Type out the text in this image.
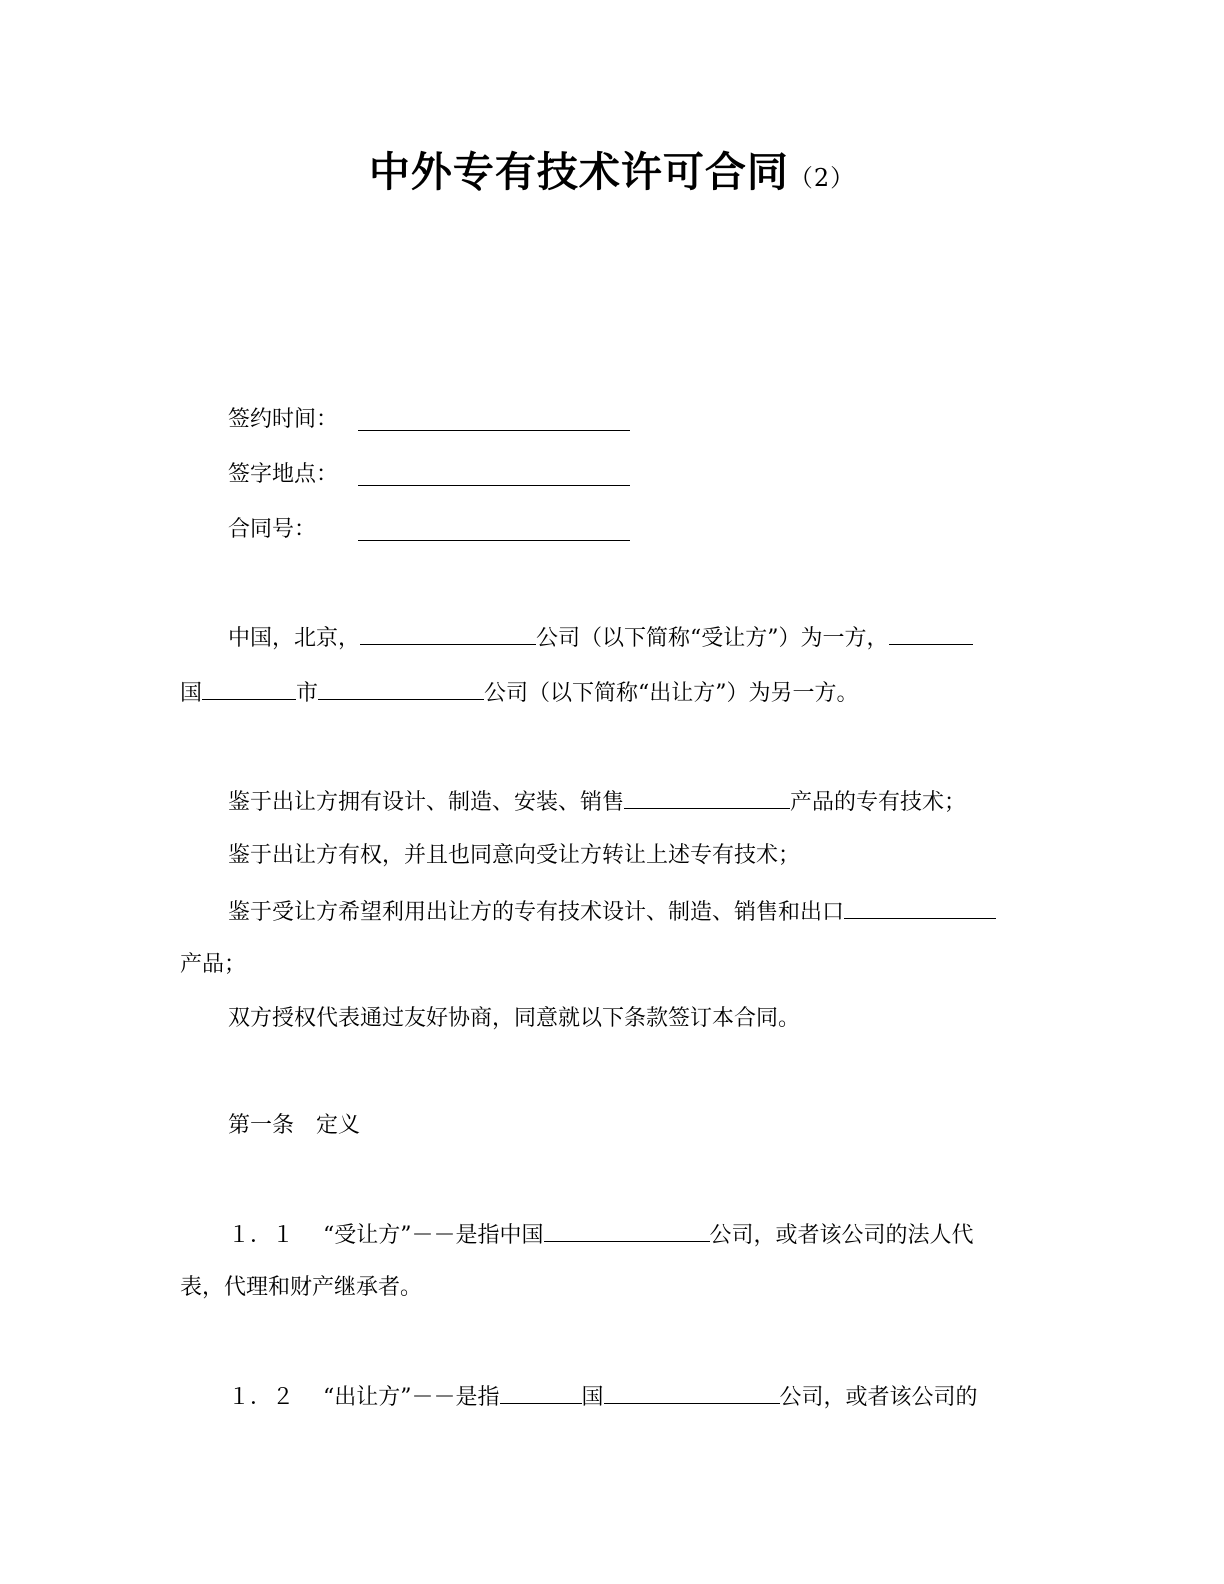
中外专有技术许可合同（2）
签约时间：
签字地点：
合同号：
中国，北京，	公司（以下简称“受让方”）为一方，
国	市	公司（以下简称“出让方”）为另一方。
鉴于出让方拥有设计、制造、安装、销售	产品的专有技术；
鉴于出让方有权，并且也同意向受让方转让上述专有技术；
鉴于受让方希望利用出让方的专有技术设计、制造、销售和出口
产品；
双方授权代表通过友好协商，同意就以下条款签订本合同。
第一条　定义
１．１ “受让方”－－是指中国	公司，或者该公司的法人代
表，代理和财产继承者。
１．２ “出让方”－－是指	国	公司，或者该公司的
